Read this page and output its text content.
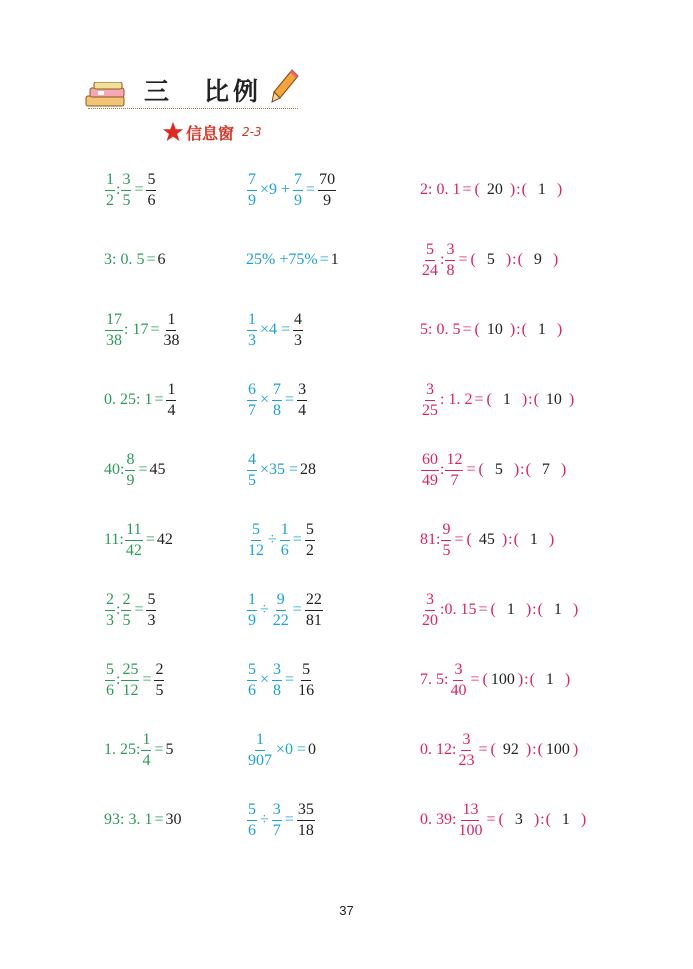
三 比例
信息窗 2-3
$\frac{1}{2}$ : $\frac{3}{5} = \frac{5}{6}$	$\frac{7}{9} \times 9 + \frac{7}{9} = \frac{70}{9}$	2: 0. 1 = ( 20 ) : ( 1 )
3: 0. 5 = 6	25% +75% = 1	$\frac{5}{24}$ : $\frac{3}{8}$ = ( 5 ) : ( 9 )
$\frac{17}{38}$ : $17 = \frac{1}{38}$	$\frac{1}{3} \times 4 = \frac{4}{3}$	5: 0. 5 = ( 10 ) : ( 1 )
0. 25: $1 = \frac{1}{4}$	$\frac{6}{7} \times \frac{7}{8} = \frac{3}{4}$	$\frac{3}{25}$ : 1. 2 = ( 1 ) : ( 10 )
40: $\frac{8}{9} = 45$	$\frac{4}{5} \times 35 = 28$	$\frac{60}{49}$ : $\frac{12}{7}$ = ( 5 ) : ( 7 )
11: $\frac{11}{42} = 42$	$\frac{5}{12} \div \frac{1}{6} = \frac{5}{2}$	81: $\frac{9}{5}$ = ( 45 ) : ( 1 )
$\frac{2}{3}$ : $\frac{2}{5} = \frac{5}{3}$	$\frac{1}{9} \div \frac{9}{22} = \frac{22}{81}$	$\frac{3}{20}$ :0. 15 = ( 1 ) : ( 1 )
$\frac{5}{6}$ : $\frac{25}{12} = \frac{2}{5}$	$\frac{5}{6} \times \frac{3}{8} = \frac{5}{16}$	7. 5: $\frac{3}{40}$ = ( 100 ) : ( 1 )
1. 25: $\frac{1}{4} = 5$	$\frac{1}{907} \times 0 = 0$	0. 12: $\frac{3}{23}$ = ( 92 ) : ( 100 )
93: 3. 1 = 30	$\frac{5}{6} \div \frac{3}{7} = \frac{35}{18}$	0. 39: $\frac{13}{100}$ = ( 3 ) : ( 1 )
37
